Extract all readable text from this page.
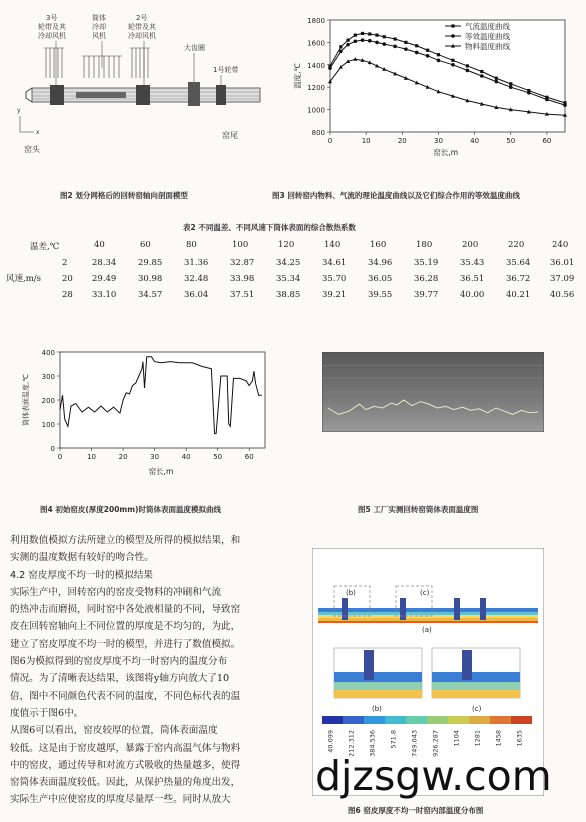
3号
轮带及其
冷却风机
筒体
冷却
风机
2号
轮带及其
冷却风机
大齿圈
1号轮带
y
x
窑头
窑尾
图2 划分网格后的回转窑轴向剖面模型
800
1000
1200
1400
1600
1800
0	10	20	30	40	50	60
窑长,m
温度,℃
气流温度曲线
等效温度曲线
物料温度曲线
图3 回转窑内物料、气流的理论温度曲线以及它们综合作用的等效温度曲线
表2 不同温差、不同风速下筒体表面的综合散热系数
温差,℃	40	60	80	100	120	140	160	180	200	220	240
风速,m/s
2	28.34	29.85	31.36	32.87	34.25	34.61	34.96	35.19	35.43	35.64 36.01
20 29.49	30.98	32.48	33.98	35.34	35.70	36.05	36.28	36.51	36.72 37.09
28 33.10	34.57	36.04	37.51	38.85	39.21	39.55	39.77	40.00	40.21 40.56
0
100
200
300
400
0	10	20	30	40	50	60
窑长,m
筒体表面温度,℃
图4 初始窑皮(厚度200mm)时筒体表面温度模拟曲线	图5 工厂实测回转窑筒体表面温度图
利用数值模拟方法所建立的模型及所得的模拟结果，和
实测的温度数据有较好的吻合性。
4.2 窑皮厚度不均一时的模拟结果
实际生产中，回转窑内的窑皮受物料的冲刷和气流
的热冲击而磨损，同时窑中各处液相量的不同，导致窑
皮在回转窑轴向上不同位置的厚度是不均匀的，为此，
建立了窑皮厚度不均一时的模型，并进行了数值模拟。
图6为模拟得到的窑皮厚度不均一时窑内的温度分布
情况。为了清晰表达结果，该图将y轴方向放大了10
倍，图中不同颜色代表不同的温度，不同色标代表的温
度值示于图6中。
从图6可以看出，窑皮较厚的位置，筒体表面温度
较低。这是由于窑皮越厚，暴露于窑内高温气体与物料
中的窑皮，通过传导和对流方式吸收的热量越多，使得
窑筒体表面温度较低。因此，从保护热量的角度出发，
实际生产中应使窑皮的厚度尽量厚一些。同时从放大
(b)	(c)
(a)
(b)	(c)
40.099 212.312 384.536 571.8 749.043 926.287 1104 1281 1458 1635
图6 窑皮厚度不均一时窑内部温度分布图
djzsgw.com
